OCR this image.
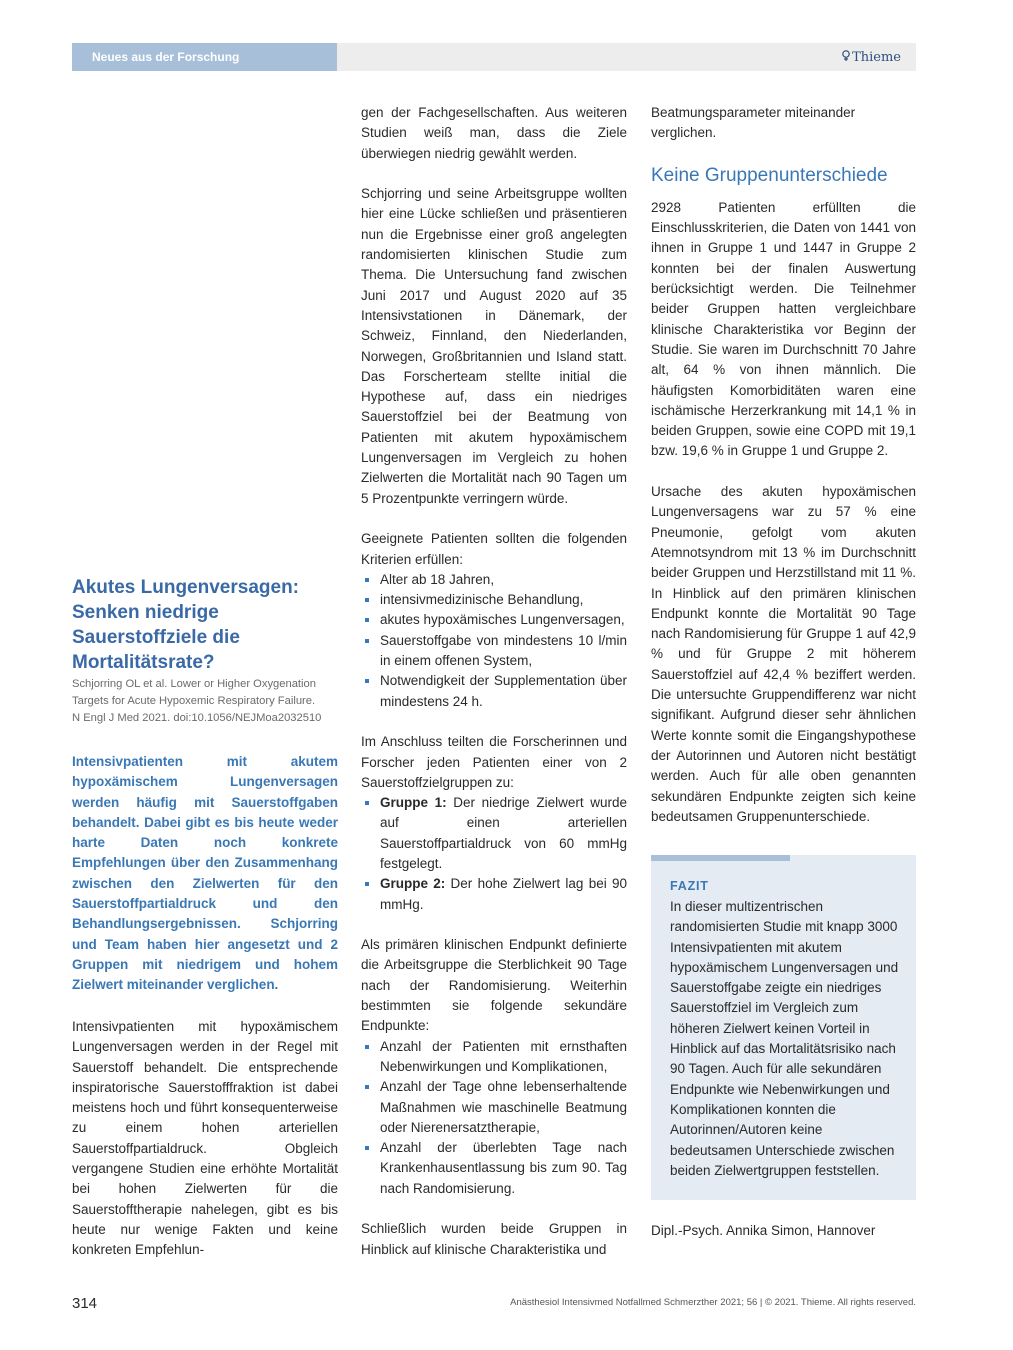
Neues aus der Forschung	Thieme
Akutes Lungenversagen: Senken niedrige Sauerstoffziele die Mortalitätsrate?
Schjorring OL et al. Lower or Higher Oxygenation
Targets for Acute Hypoxemic Respiratory Failure.
N Engl J Med 2021. doi:10.1056/NEJMoa2032510

Intensivpatienten mit akutem hypoxämischem Lungenversagen werden häufig mit Sauerstoffgaben behandelt. Dabei gibt es bis heute weder harte Daten noch konkrete Empfehlungen über den Zusammenhang zwischen den Zielwerten für den Sauerstoffpartialdruck und den Behandlungsergebnissen. Schjorring und Team haben hier angesetzt und 2 Gruppen mit niedrigem und hohem Zielwert miteinander verglichen.

Intensivpatienten mit hypoxämischem Lungenversagen werden in der Regel mit Sauerstoff behandelt. Die entsprechende inspiratorische Sauerstofffraktion ist dabei meistens hoch und führt konsequenterweise zu einem hohen arteriellen Sauerstoffpartialdruck. Obgleich vergangene Studien eine erhöhte Mortalität bei hohen Zielwerten für die Sauerstofftherapie nahelegen, gibt es bis heute nur wenige Fakten und keine konkreten Empfehlun-

gen der Fachgesellschaften. Aus weiteren Studien weiß man, dass die Ziele überwiegen niedrig gewählt werden.

Schjorring und seine Arbeitsgruppe wollten hier eine Lücke schließen und präsentieren nun die Ergebnisse einer groß angelegten randomisierten klinischen Studie zum Thema. Die Untersuchung fand zwischen Juni 2017 und August 2020 auf 35 Intensivstationen in Dänemark, der Schweiz, Finnland, den Niederlanden, Norwegen, Großbritannien und Island statt. Das Forscherteam stellte initial die Hypothese auf, dass ein niedriges Sauerstoffziel bei der Beatmung von Patienten mit akutem hypoxämischem Lungenversagen im Vergleich zu hohen Zielwerten die Mortalität nach 90 Tagen um 5 Prozentpunkte verringern würde.

Geeignete Patienten sollten die folgenden Kriterien erfüllen:

Alter ab 18 Jahren,
intensivmedizinische Behandlung,
akutes hypoxämisches Lungenversagen,
Sauerstoffgabe von mindestens 10 l/min in einem offenen System,
Notwendigkeit der Supplementation über mindestens 24 h.

Im Anschluss teilten die Forscherinnen und Forscher jeden Patienten einer von 2 Sauerstoffzielgruppen zu:

Gruppe 1: Der niedrige Zielwert wurde auf einen arteriellen Sauerstoffpartialdruck von 60 mmHg festgelegt.
Gruppe 2: Der hohe Zielwert lag bei 90 mmHg.

Als primären klinischen Endpunkt definierte die Arbeitsgruppe die Sterblichkeit 90 Tage nach der Randomisierung. Weiterhin bestimmten sie folgende sekundäre Endpunkte:

Anzahl der Patienten mit ernsthaften Nebenwirkungen und Komplikationen,
Anzahl der Tage ohne lebenserhaltende Maßnahmen wie maschinelle Beatmung oder Nierenersatztherapie,
Anzahl der überlebten Tage nach Krankenhausentlassung bis zum 90. Tag nach Randomisierung.

Schließlich wurden beide Gruppen in Hinblick auf klinische Charakteristika und

Beatmungsparameter miteinander verglichen.

Keine Gruppenunterschiede

2928 Patienten erfüllten die Einschlusskriterien, die Daten von 1441 von ihnen in Gruppe 1 und 1447 in Gruppe 2 konnten bei der finalen Auswertung berücksichtigt werden. Die Teilnehmer beider Gruppen hatten vergleichbare klinische Charakteristika vor Beginn der Studie. Sie waren im Durchschnitt 70 Jahre alt, 64 % von ihnen männlich. Die häufigsten Komorbiditäten waren eine ischämische Herzerkrankung mit 14,1 % in beiden Gruppen, sowie eine COPD mit 19,1 bzw. 19,6 % in Gruppe 1 und Gruppe 2.

Ursache des akuten hypoxämischen Lungenversagens war zu 57 % eine Pneumonie, gefolgt vom akuten Atemnotsyndrom mit 13 % im Durchschnitt beider Gruppen und Herzstillstand mit 11 %. In Hinblick auf den primären klinischen Endpunkt konnte die Mortalität 90 Tage nach Randomisierung für Gruppe 1 auf 42,9 % und für Gruppe 2 mit höherem Sauerstoffziel auf 42,4 % beziffert werden. Die untersuchte Gruppendifferenz war nicht signifikant. Aufgrund dieser sehr ähnlichen Werte konnte somit die Eingangshypothese der Autorinnen und Autoren nicht bestätigt werden. Auch für alle oben genannten sekundären Endpunkte zeigten sich keine bedeutsamen Gruppenunterschiede.

FAZIT

In dieser multizentrischen randomisierten Studie mit knapp 3000 Intensivpatienten mit akutem hypoxämischem Lungenversagen und Sauerstoffgabe zeigte ein niedriges Sauerstoffziel im Vergleich zum höheren Zielwert keinen Vorteil in Hinblick auf das Mortalitätsrisiko nach 90 Tagen. Auch für alle sekundären Endpunkte wie Nebenwirkungen und Komplikationen konnten die Autorinnen/Autoren keine bedeutsamen Unterschiede zwischen beiden Zielwertgruppen feststellen.

Dipl.-Psych. Annika Simon, Hannover
314	Anästhesiol Intensivmed Notfallmed Schmerzther 2021; 56 | © 2021. Thieme. All rights reserved.
